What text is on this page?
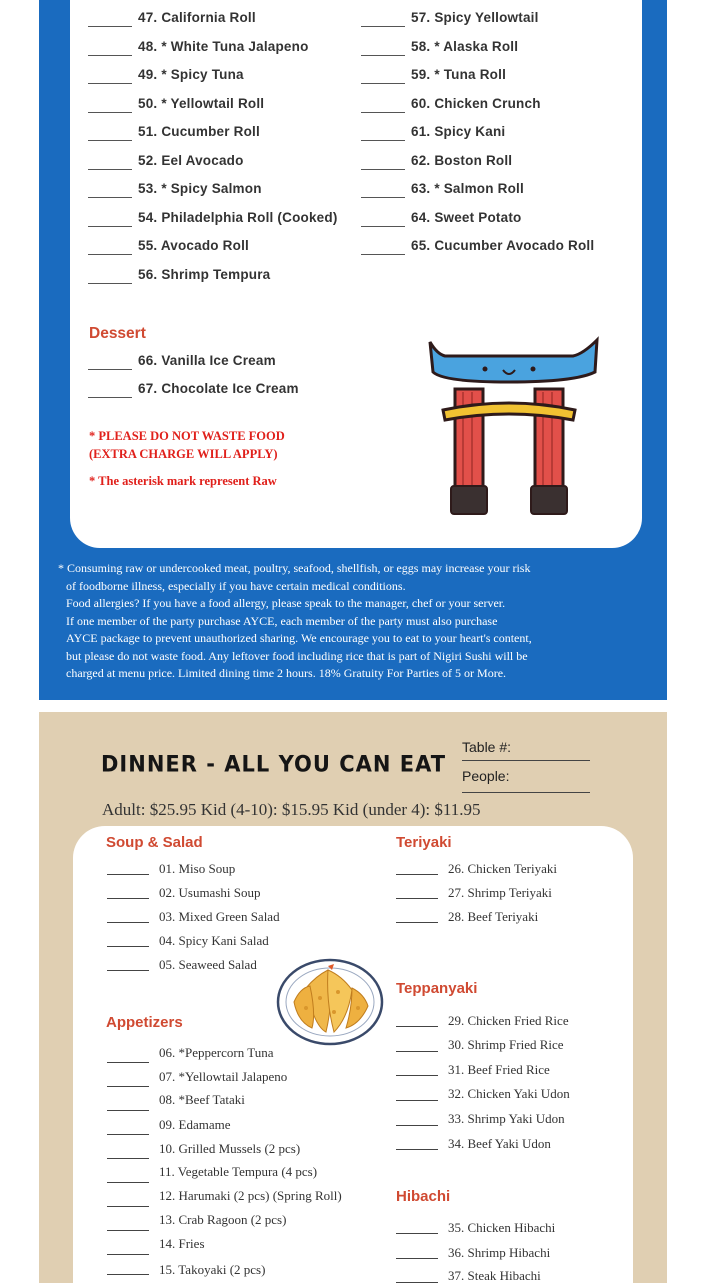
47. California Roll
48. * White Tuna Jalapeno
49. * Spicy Tuna
50. * Yellowtail Roll
51. Cucumber Roll
52. Eel Avocado
53. * Spicy Salmon
54. Philadelphia Roll (Cooked)
55. Avocado Roll
56. Shrimp Tempura
57. Spicy Yellowtail
58. * Alaska Roll
59. * Tuna Roll
60. Chicken Crunch
61. Spicy Kani
62. Boston Roll
63. * Salmon Roll
64. Sweet Potato
65. Cucumber Avocado Roll
Dessert
66. Vanilla Ice Cream
67. Chocolate Ice Cream
* PLEASE DO NOT WASTE FOOD
(EXTRA CHARGE WILL APPLY)
* The asterisk mark represent Raw
* Consuming raw or undercooked meat, poultry, seafood, shellfish, or eggs may increase your risk
of foodborne illness, especially if you have certain medical conditions.
Food allergies? If you have a food allergy, please speak to the manager, chef or your server.
If one member of the party purchase AYCE, each member of the party must also purchase
AYCE package to prevent unauthorized sharing. We encourage you to eat to your heart's content,
but please do not waste food. Any leftover food including rice that is part of Nigiri Sushi will be
charged at menu price. Limited dining time 2 hours. 18% Gratuity For Parties of 5 or More.
DINNER - ALL YOU CAN EAT
Table #:
People:
Adult: $25.95 Kid (4-10): $15.95 Kid (under 4): $11.95
Soup & Salad
01. Miso Soup
02. Usumashi Soup
03. Mixed Green Salad
04. Spicy Kani Salad
05. Seaweed Salad
Appetizers
06. *Peppercorn Tuna
07. *Yellowtail Jalapeno
08. *Beef Tataki
09. Edamame
10. Grilled Mussels (2 pcs)
11. Vegetable Tempura (4 pcs)
12. Harumaki (2 pcs) (Spring Roll)
13. Crab Ragoon (2 pcs)
14. Fries
15. Takoyaki (2 pcs)
Teriyaki
26. Chicken Teriyaki
27. Shrimp Teriyaki
28. Beef Teriyaki
Teppanyaki
29. Chicken Fried Rice
30. Shrimp Fried Rice
31. Beef Fried Rice
32. Chicken Yaki Udon
33. Shrimp Yaki Udon
34. Beef Yaki Udon
Hibachi
35. Chicken Hibachi
36. Shrimp Hibachi
37. Steak Hibachi
